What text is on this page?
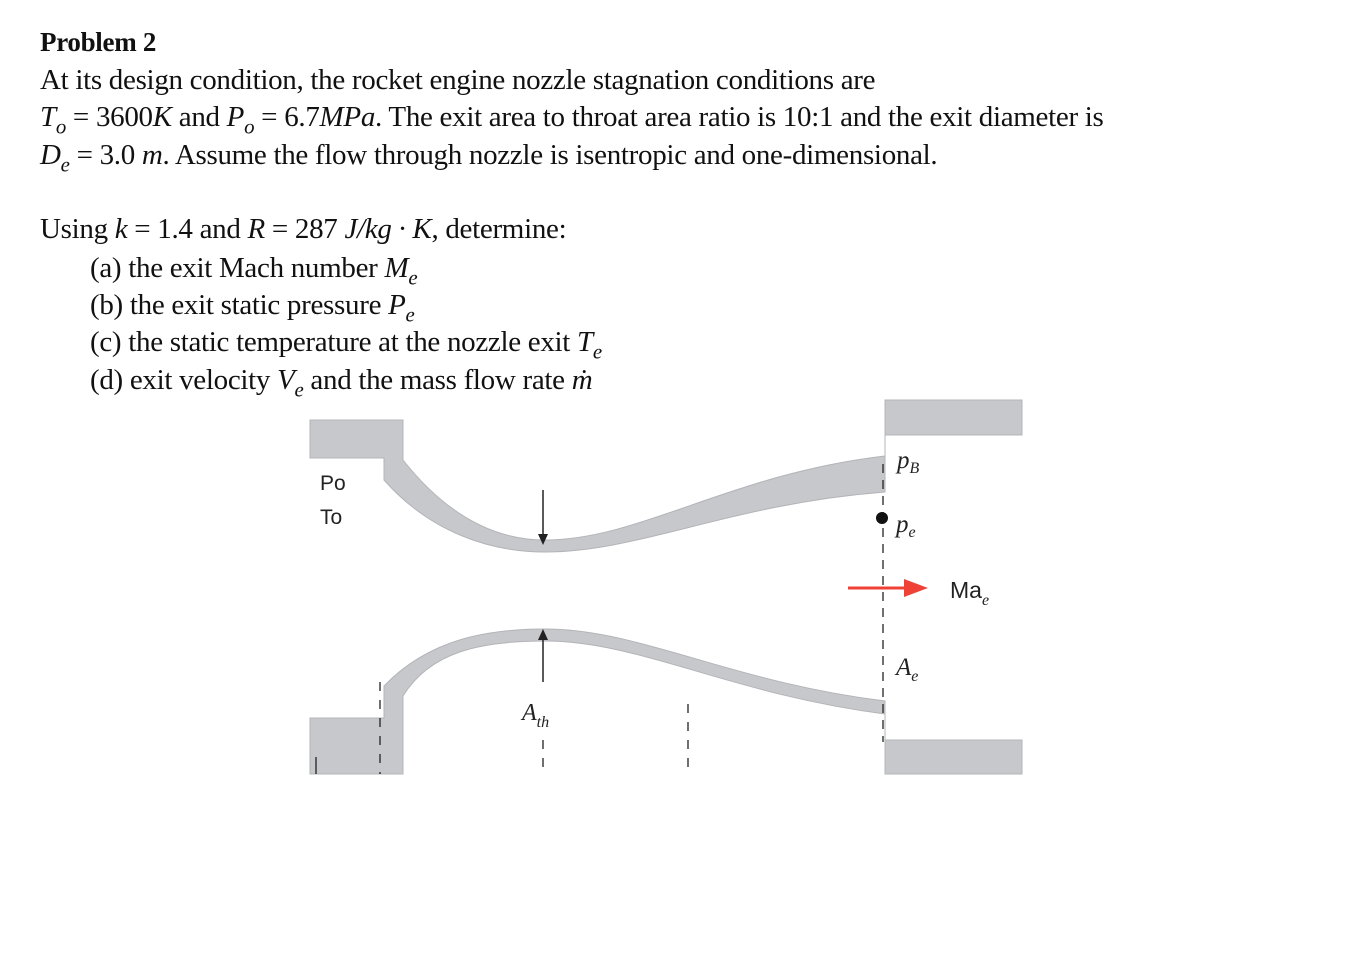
Problem 2
At its design condition, the rocket engine nozzle stagnation conditions are
$T_o = 3600K$ and $P_o = 6.7MPa$. The exit area to throat area ratio is 10:1 and the exit diameter is
$D_e = 3.0$ m. Assume the flow through nozzle is isentropic and one-dimensional.
Using k = 1.4 and R = 287 J/kg · K, determine:
(a) the exit Mach number $M_e$
(b) the exit static pressure $P_e$
(c) the static temperature at the nozzle exit $T_e$
(d) exit velocity $V_e$ and the mass flow rate ṁ
Po
To
$A_{th}$
$p_B$
$p_e$
$Ma_e$
$A_e$
